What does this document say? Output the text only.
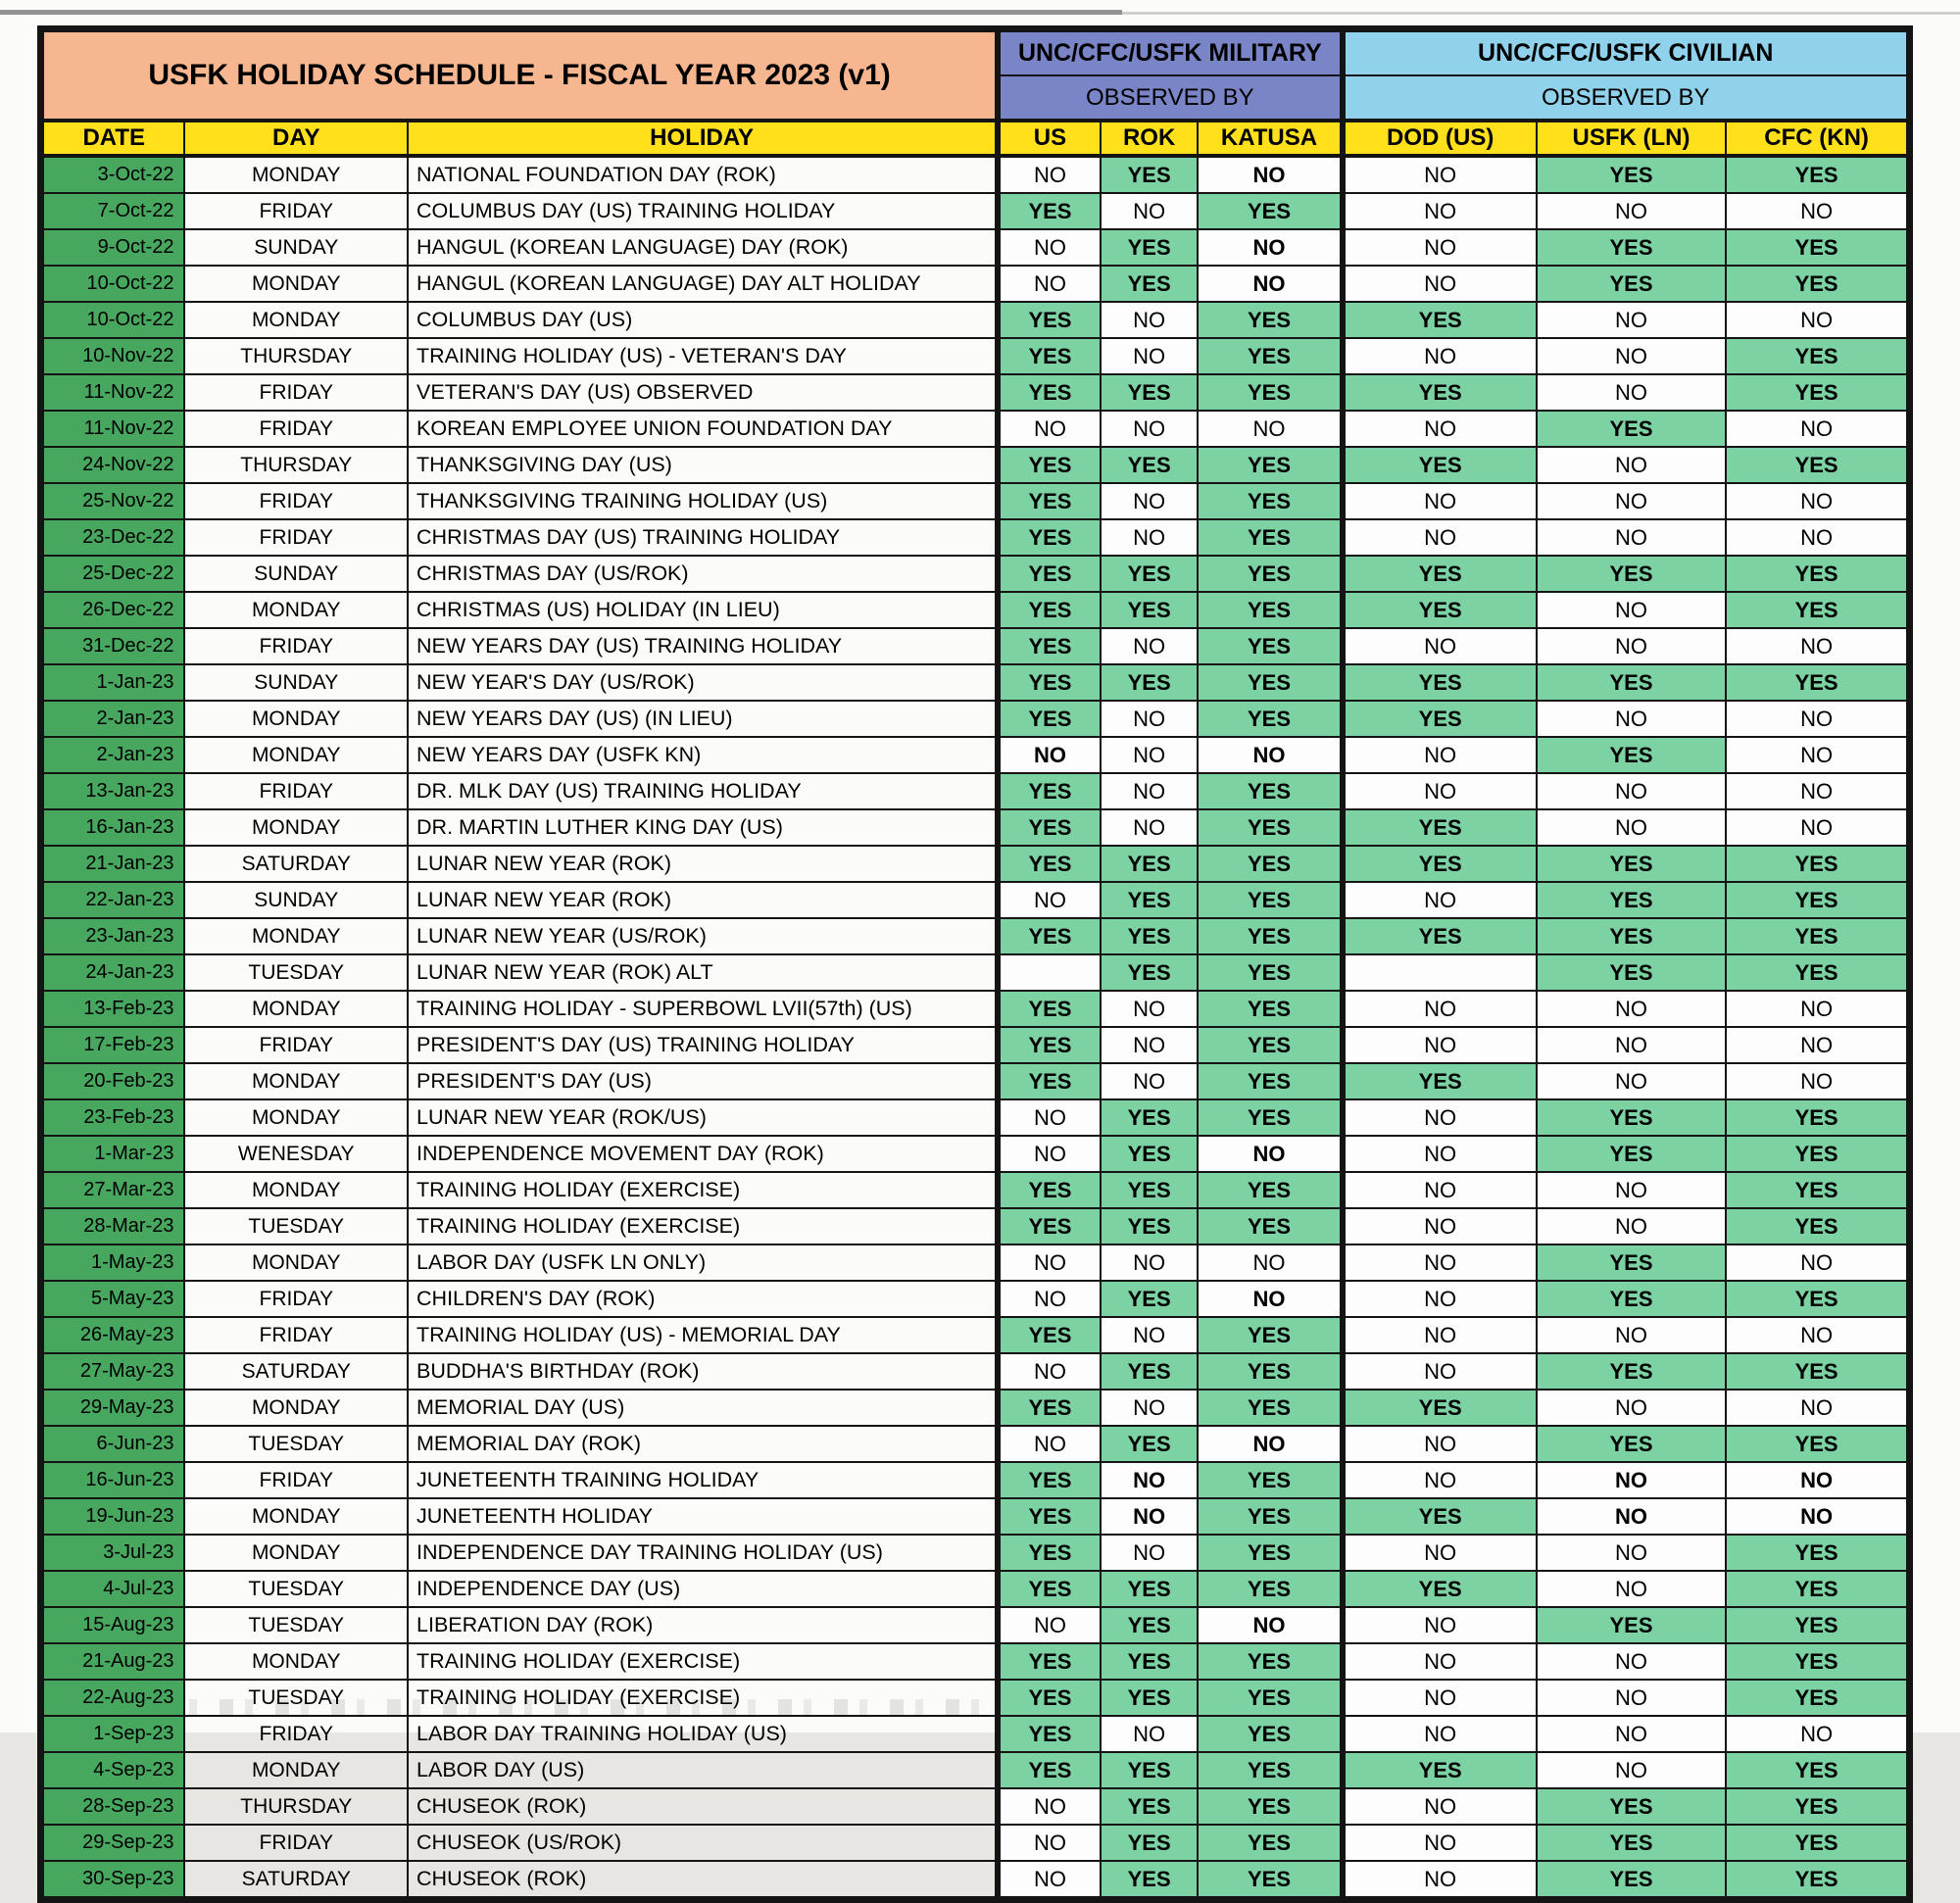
USFK HOLIDAY SCHEDULE - FISCAL YEAR 2023 (v1)			UNC/CFC/USFK MILITARY			UNC/CFC/USFK CIVILIAN		
			OBSERVED BY			OBSERVED BY		
DATE	DAY	HOLIDAY	US	ROK	KATUSA	DOD (US)	USFK (LN)	CFC (KN)
3-Oct-22	MONDAY	NATIONAL FOUNDATION DAY (ROK)	NO	YES	NO	NO	YES	YES
7-Oct-22	FRIDAY	COLUMBUS DAY (US) TRAINING HOLIDAY	YES	NO	YES	NO	NO	NO
9-Oct-22	SUNDAY	HANGUL (KOREAN LANGUAGE) DAY (ROK)	NO	YES	NO	NO	YES	YES
10-Oct-22	MONDAY	HANGUL (KOREAN LANGUAGE) DAY ALT HOLIDAY	NO	YES	NO	NO	YES	YES
10-Oct-22	MONDAY	COLUMBUS DAY (US)	YES	NO	YES	YES	NO	NO
10-Nov-22	THURSDAY	TRAINING HOLIDAY (US) - VETERAN'S DAY	YES	NO	YES	NO	NO	YES
11-Nov-22	FRIDAY	VETERAN'S DAY (US) OBSERVED	YES	YES	YES	YES	NO	YES
11-Nov-22	FRIDAY	KOREAN EMPLOYEE UNION FOUNDATION DAY	NO	NO	NO	NO	YES	NO
24-Nov-22	THURSDAY	THANKSGIVING DAY (US)	YES	YES	YES	YES	NO	YES
25-Nov-22	FRIDAY	THANKSGIVING TRAINING HOLIDAY (US)	YES	NO	YES	NO	NO	NO
23-Dec-22	FRIDAY	CHRISTMAS DAY (US) TRAINING HOLIDAY	YES	NO	YES	NO	NO	NO
25-Dec-22	SUNDAY	CHRISTMAS DAY (US/ROK)	YES	YES	YES	YES	YES	YES
26-Dec-22	MONDAY	CHRISTMAS (US) HOLIDAY (IN LIEU)	YES	YES	YES	YES	NO	YES
31-Dec-22	FRIDAY	NEW YEARS DAY (US) TRAINING HOLIDAY	YES	NO	YES	NO	NO	NO
1-Jan-23	SUNDAY	NEW YEAR'S DAY (US/ROK)	YES	YES	YES	YES	YES	YES
2-Jan-23	MONDAY	NEW YEARS DAY (US) (IN LIEU)	YES	NO	YES	YES	NO	NO
2-Jan-23	MONDAY	NEW YEARS DAY (USFK KN)	NO	NO	NO	NO	YES	NO
13-Jan-23	FRIDAY	DR. MLK DAY (US) TRAINING HOLIDAY	YES	NO	YES	NO	NO	NO
16-Jan-23	MONDAY	DR. MARTIN LUTHER KING DAY (US)	YES	NO	YES	YES	NO	NO
21-Jan-23	SATURDAY	LUNAR NEW YEAR (ROK)	YES	YES	YES	YES	YES	YES
22-Jan-23	SUNDAY	LUNAR NEW YEAR (ROK)	NO	YES	YES	NO	YES	YES
23-Jan-23	MONDAY	LUNAR NEW YEAR (US/ROK)	YES	YES	YES	YES	YES	YES
24-Jan-23	TUESDAY	LUNAR NEW YEAR (ROK) ALT		YES	YES		YES	YES
13-Feb-23	MONDAY	TRAINING HOLIDAY - SUPERBOWL LVII(57th) (US)	YES	NO	YES	NO	NO	NO
17-Feb-23	FRIDAY	PRESIDENT'S DAY (US) TRAINING HOLIDAY	YES	NO	YES	NO	NO	NO
20-Feb-23	MONDAY	PRESIDENT'S DAY (US)	YES	NO	YES	YES	NO	NO
23-Feb-23	MONDAY	LUNAR NEW YEAR (ROK/US)	NO	YES	YES	NO	YES	YES
1-Mar-23	WENESDAY	INDEPENDENCE MOVEMENT DAY (ROK)	NO	YES	NO	NO	YES	YES
27-Mar-23	MONDAY	TRAINING HOLIDAY (EXERCISE)	YES	YES	YES	NO	NO	YES
28-Mar-23	TUESDAY	TRAINING HOLIDAY (EXERCISE)	YES	YES	YES	NO	NO	YES
1-May-23	MONDAY	LABOR DAY (USFK LN ONLY)	NO	NO	NO	NO	YES	NO
5-May-23	FRIDAY	CHILDREN'S DAY (ROK)	NO	YES	NO	NO	YES	YES
26-May-23	FRIDAY	TRAINING HOLIDAY (US) - MEMORIAL DAY	YES	NO	YES	NO	NO	NO
27-May-23	SATURDAY	BUDDHA'S BIRTHDAY (ROK)	NO	YES	YES	NO	YES	YES
29-May-23	MONDAY	MEMORIAL DAY (US)	YES	NO	YES	YES	NO	NO
6-Jun-23	TUESDAY	MEMORIAL DAY (ROK)	NO	YES	NO	NO	YES	YES
16-Jun-23	FRIDAY	JUNETEENTH TRAINING HOLIDAY	YES	NO	YES	NO	NO	NO
19-Jun-23	MONDAY	JUNETEENTH HOLIDAY	YES	NO	YES	YES	NO	NO
3-Jul-23	MONDAY	INDEPENDENCE DAY TRAINING HOLIDAY (US)	YES	NO	YES	NO	NO	YES
4-Jul-23	TUESDAY	INDEPENDENCE DAY (US)	YES	YES	YES	YES	NO	YES
15-Aug-23	TUESDAY	LIBERATION DAY (ROK)	NO	YES	NO	NO	YES	YES
21-Aug-23	MONDAY	TRAINING HOLIDAY (EXERCISE)	YES	YES	YES	NO	NO	YES
22-Aug-23	TUESDAY	TRAINING HOLIDAY (EXERCISE)	YES	YES	YES	NO	NO	YES
1-Sep-23	FRIDAY	LABOR DAY TRAINING HOLIDAY (US)	YES	NO	YES	NO	NO	NO
4-Sep-23	MONDAY	LABOR DAY (US)	YES	YES	YES	YES	NO	YES
28-Sep-23	THURSDAY	CHUSEOK (ROK)	NO	YES	YES	NO	YES	YES
29-Sep-23	FRIDAY	CHUSEOK (US/ROK)	NO	YES	YES	NO	YES	YES
30-Sep-23	SATURDAY	CHUSEOK (ROK)	NO	YES	YES	NO	YES	YES
